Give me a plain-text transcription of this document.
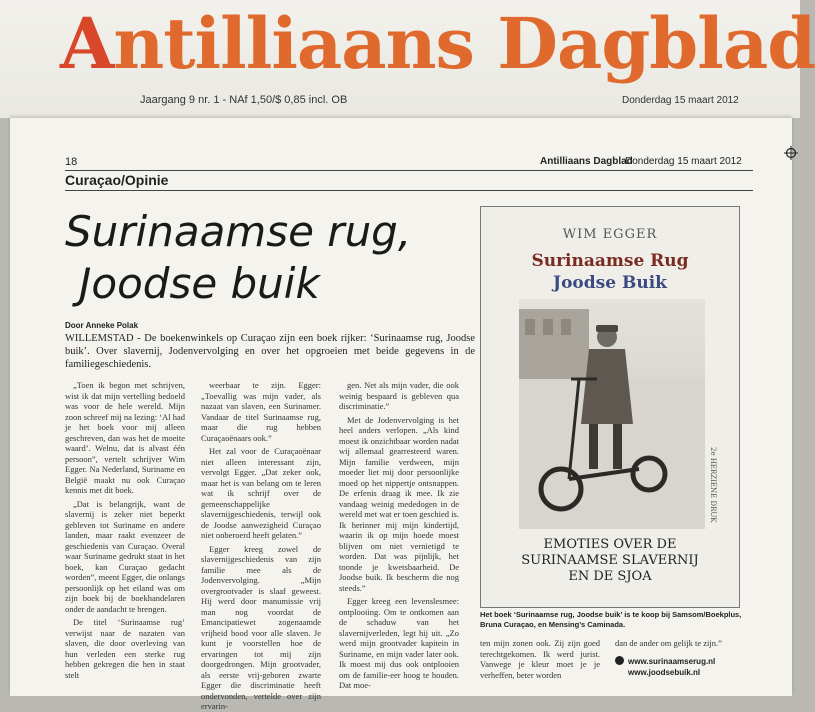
Antilliaans Dagblad
Jaargang 9 nr. 1 - NAf 1,50/$ 0,85 incl. OB	Donderdag 15 maart 2012
18	Antilliaans Dagblad
Donderdag 15 maart 2012
Curaçao/Opinie
Surinaamse rug,
Joodse buik
Door Anneke Polak
WILLEMSTAD - De boekenwinkels op Curaçao zijn een boek rijker: ‘Surinaamse rug, Joodse buik’. Over slavernij, Jodenvervolging en over het opgroeien met beide gegevens in de familiegeschiedenis.

„Toen ik begon met schrijven, wist ik dat mijn vertelling bedoeld was voor de hele wereld. Mijn zoon schreef mij na lezing: ‘Al had je het boek voor mij alleen geschreven, dan was het de moeite waard’. Welnu, dat is alvast één persoon”, vertelt schrijver Wim Egger. Na Nederland, Suriname en België maakt nu ook Curaçao kennis met dit boek.

„Dat is belangrijk, want de slavernij is zeker niet beperkt gebleven tot Suriname en andere landen, maar raakt evenzeer de geschiedenis van Curaçao. Overal waar Suriname gedrukt staat in het boek, kan Curaçao gedacht worden”, meent Egger, die onlangs persoonlijk op het eiland was om zijn boek bij de boekhandelaren onder de aandacht te brengen.

De titel ‘Surinaamse rug’ verwijst naar de nazaten van slaven, die door overleving van hun verleden een sterke rug hebben gekregen die hen in staat stelt

weerbaar te zijn. Egger: „Toevallig was mijn vader, als nazaat van slaven, een Surinamer. Vandaar de titel Surinaamse rug, maar die rug hebben Curaçaoënaars ook.”

Het zal voor de Curaçaoënaar niet alleen interessant zijn, vervolgt Egger. „Dat zeker ook, maar het is van belang om te leren wat ik schrijf over de gemeenschappelijke slavernijgeschiedenis, terwijl ook de Joodse aanwezigheid Curaçao niet onberoerd heeft gelaten.”

Egger kreeg zowel de slavernijgeschiedenis van zijn familie mee als de Jodenvervolging. „Mijn overgrootvader is slaaf geweest. Hij werd door manumissie vrij man nog voordat de Emancipatiewet zogenaamde vrijheid bood voor alle slaven. Je kunt je voorstellen hoe de ervaringen tot mij zijn doorgedrongen. Mijn grootvader, als eerste vrij-geboren zwarte Egger die discriminatie heeft ondervonden, vertelde over zijn ervarin-

gen. Net als mijn vader, die ook weinig bespaard is gebleven qua discriminatie.”

Met de Jodenvervolging is het heel anders verlopen. „Als kind moest ik onzichtbaar worden nadat wij allemaal gearresteerd waren. Mijn familie verdween, mijn moeder liet mij door persoonlijke moed op het nippertje ontsnappen. De erfenis draag ik mee. Ik zie vandaag weinig mededogen in de wereld met wat er toen geschied is. Ik herinner mij mijn kindertijd, waarin ik op mijn hoede moest blijven om niet vernietigd te worden. Dat was pijnlijk, het toonde je kwetsbaarheid. De Joodse buik. Ik bescherm die nog steeds.”

Egger kreeg een levenslesmee: ontplooiing. Om te ontkomen aan de schaduw van het slavernijverleden, legt hij uit. „Zo werd mijn grootvader kapitein in Suriname, en mijn vader later ook. Ik moest mij dus ook ontplooien om de familie-eer hoog te houden. Dat moe-

WIM EGGER
Surinaamse Rug
Joodse Buik
2e HERZIENE DRUK
EMOTIES OVER DE
SURINAAMSE SLAVERNIJ
EN DE SJOA
Het boek ‘Surinaamse rug, Joodse buik’ is te koop bij Samsom/Boekplus, Bruna Curaçao, en Mensing’s Caminada.
ten mijn zonen ook. Zij zijn goed terechtgekomen. Ik werd jurist. Vanwege je kleur moet je je verheffen, beter worden
dan de ander om gelijk te zijn.”
www.surinaamserug.nl
www.joodsebuik.nl
